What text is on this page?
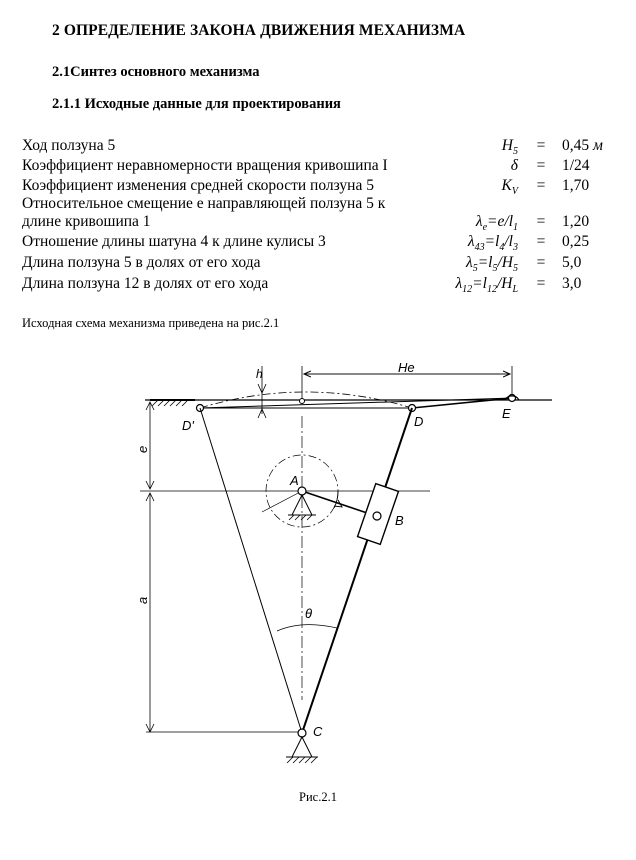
2 ОПРЕДЕЛЕНИЕ ЗАКОНА ДВИЖЕНИЯ МЕХАНИЗМА
2.1Синтез основного механизма
2.1.1 Исходные данные для проектирования
Ход ползуна 5	$H_5 = 0,45$ м
Коэффициент неравномерности вращения кривошипа I	δ = 1/24
Коэффициент изменения средней скорости ползуна 5	$K_V = 1,70$
Относительное смещение е направляющей ползуна 5 к
длине кривошипа 1	$\lambda_e=e/l_1 = 1,20$
Отношение длины шатуна 4 к длине кулисы 3	$\lambda_{43}=l_4/l_3 = 0,25$
Длина ползуна 5 в долях от его хода	$\lambda_5=l_5/H_5 = 5,0$
Длина ползуна 12 в долях от его хода	$\lambda_{12}=l_{12}/H_L = 3,0$
Исходная схема механизма приведена на рис.2.1
He
h
E
D'	D
e
a
B
A
θ
C
Рис.2.1
